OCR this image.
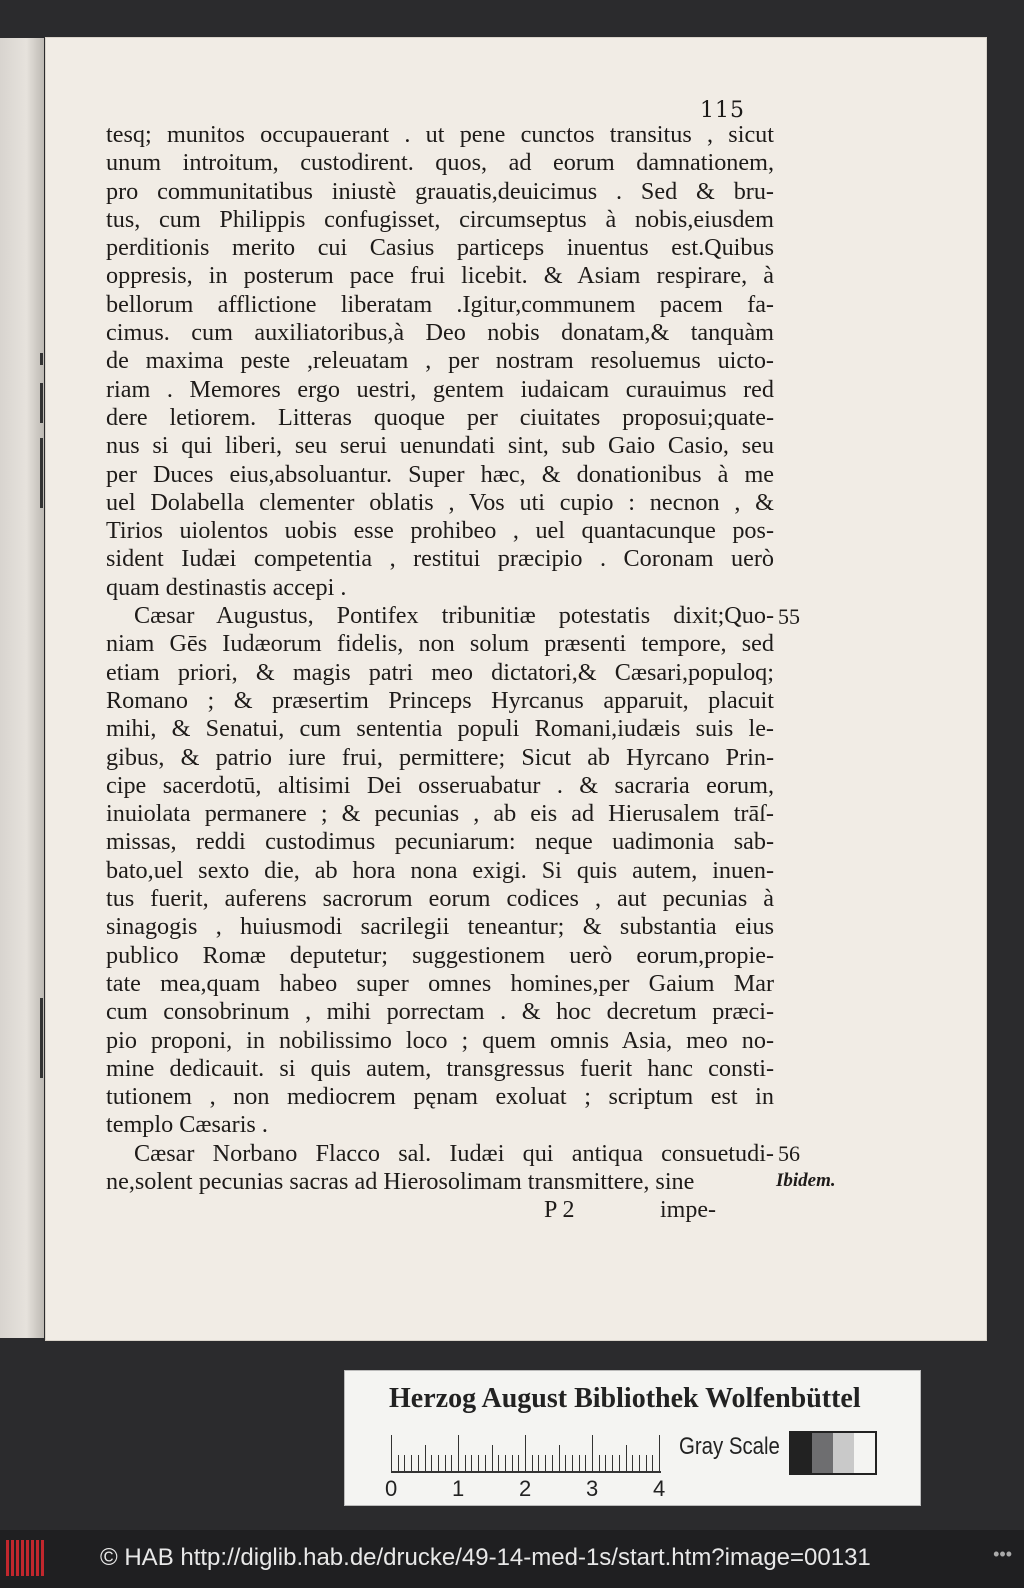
115
tesq; munitos occupauerant . ut pene cunctos transitus , sicut
unum introitum, custodirent. quos, ad eorum damnationem,
pro communitatibus iniustè grauatis,deuicimus . Sed & bru-
tus, cum Philippis confugisset, circumseptus à nobis,eiusdem
perditionis merito cui Casius particeps inuentus est.Quibus
oppresis, in posterum pace frui licebit. & Asiam respirare, à
bellorum afflictione liberatam .Igitur,communem pacem fa-
cimus. cum auxiliatoribus,à Deo nobis donatam,& tanquàm
de maxima peste ,releuatam , per nostram resoluemus uicto-
riam . Memores ergo uestri, gentem iudaicam curauimus red
dere letiorem. Litteras quoque per ciuitates proposui;quate-
nus si qui liberi, seu serui uenundati sint, sub Gaio Casio, seu
per Duces eius,absoluantur. Super hæc, & donationibus à me
uel Dolabella clementer oblatis , Vos uti cupio : necnon , &
Tirios uiolentos uobis esse prohibeo , uel quantacunque pos-
sident Iudæi competentia , restitui præcipio . Coronam uerò
quam destinastis accepi .
Cæsar Augustus, Pontifex tribunitiæ potestatis dixit;Quo-
niam Gēs Iudæorum fidelis, non solum præsenti tempore, sed
etiam priori, & magis patri meo dictatori,& Cæsari,populoq;
Romano ; & præsertim Princeps Hyrcanus apparuit, placuit
mihi, & Senatui, cum sententia populi Romani,iudæis suis le-
gibus, & patrio iure frui, permittere; Sicut ab Hyrcano Prin-
cipe sacerdotū, altisimi Dei osseruabatur . & sacraria eorum,
inuiolata permanere ; & pecunias , ab eis ad Hierusalem trāſ-
missas, reddi custodimus pecuniarum: neque uadimonia sab-
bato,uel sexto die, ab hora nona exigi. Si quis autem, inuen-
tus fuerit, auferens sacrorum eorum codices , aut pecunias à
sinagogis , huiusmodi sacrilegii teneantur; & substantia eius
publico Romæ deputetur; suggestionem uerò eorum,propie-
tate mea,quam habeo super omnes homines,per Gaium Mar
cum consobrinum , mihi porrectam . & hoc decretum præci-
pio proponi, in nobilissimo loco ; quem omnis Asia, meo no-
mine dedicauit. si quis autem, transgressus fuerit hanc consti-
tutionem , non mediocrem pęnam exoluat ; scriptum est in
templo Cæsaris .
Cæsar Norbano Flacco sal. Iudæi qui antiqua consuetudi-
ne,solent pecunias sacras ad Hierosolimam transmittere, sine
55
56
Ibidem.
P 2	impe-
Herzog August Bibliothek Wolfenbüttel
0 1 2 3 4
Gray Scale
© HAB http://diglib.hab.de/drucke/49-14-med-1s/start.htm?image=00131	•••
